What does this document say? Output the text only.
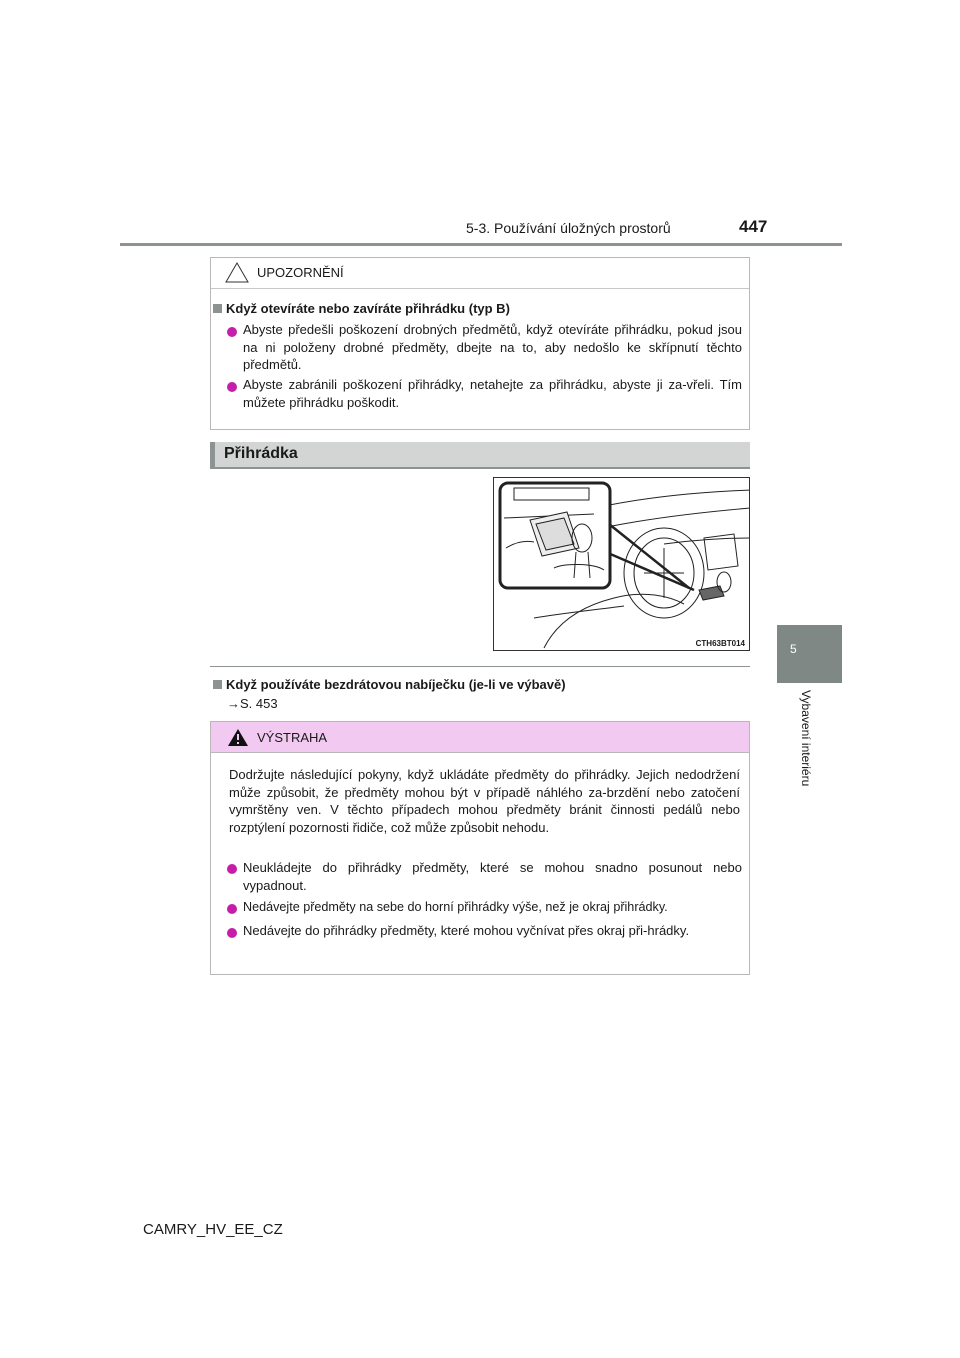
5-3. Používání úložných prostorů	447
5
Vybavení interiéru
UPOZORNĚNÍ
Když otevíráte nebo zavíráte přihrádku (typ B)
Abyste předešli poškození drobných předmětů, když otevíráte přihrádku, pokud jsou na ni položeny drobné předměty, dbejte na to, aby nedošlo ke skřípnutí těchto předmětů.
Abyste zabránili poškození přihrádky, netahejte za přihrádku, abyste ji za-vřeli. Tím můžete přihrádku poškodit.
Přihrádka
CTH63BT014
Když používáte bezdrátovou nabíječku (je-li ve výbavě)
→S. 453
VÝSTRAHA
Dodržujte následující pokyny, když ukládáte předměty do přihrádky. Jejich nedodržení může způsobit, že předměty mohou být v případě náhlého za-brzdění nebo zatočení vymrštěny ven. V těchto případech mohou předměty bránit činnosti pedálů nebo rozptýlení pozornosti řidiče, což může způsobit nehodu.
Neukládejte do přihrádky předměty, které se mohou snadno posunout nebo vypadnout.
Nedávejte předměty na sebe do horní přihrádky výše, než je okraj přihrádky.
Nedávejte do přihrádky předměty, které mohou vyčnívat přes okraj při-hrádky.
CAMRY_HV_EE_CZ
